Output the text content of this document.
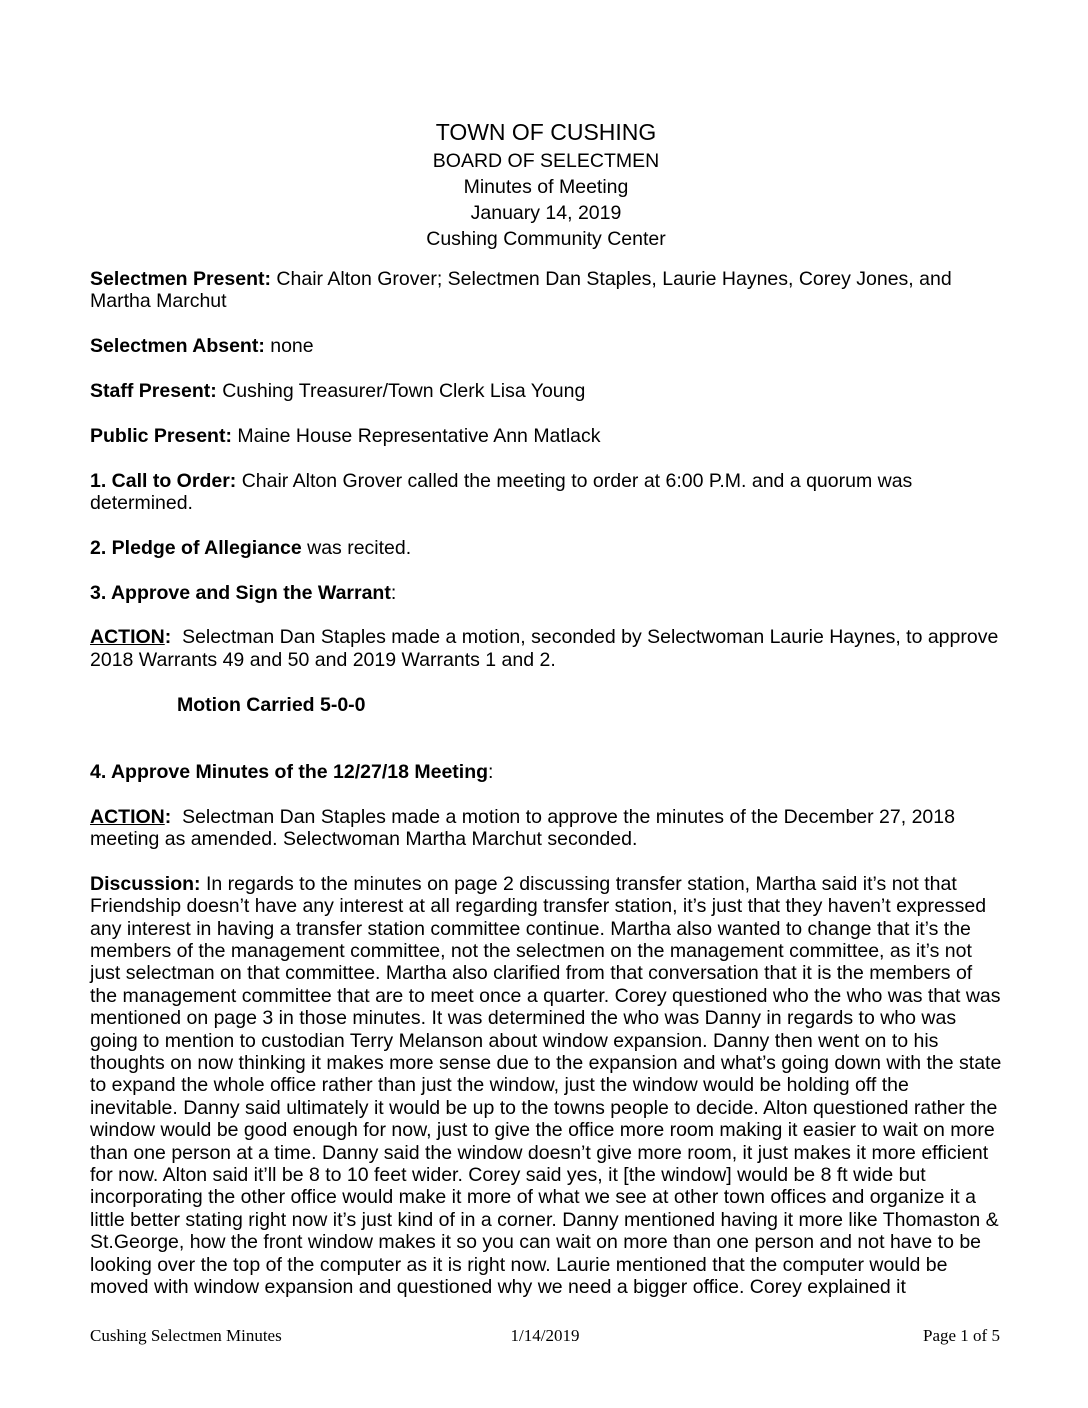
TOWN OF CUSHING
BOARD OF SELECTMEN
Minutes of Meeting
January 14, 2019
Cushing Community Center

Selectmen Present: Chair Alton Grover; Selectmen Dan Staples, Laurie Haynes, Corey Jones, and Martha Marchut

Selectmen Absent: none

Staff Present: Cushing Treasurer/Town Clerk Lisa Young

Public Present: Maine House Representative Ann Matlack

1. Call to Order: Chair Alton Grover called the meeting to order at 6:00 P.M. and a quorum was determined.

2. Pledge of Allegiance was recited.

3. Approve and Sign the Warrant:

ACTION:  Selectman Dan Staples made a motion, seconded by Selectwoman Laurie Haynes, to approve 2018 Warrants 49 and 50 and 2019 Warrants 1 and 2.

Motion Carried 5-0-0

4. Approve Minutes of the 12/27/18 Meeting:

ACTION:  Selectman Dan Staples made a motion to approve the minutes of the December 27, 2018 meeting as amended. Selectwoman Martha Marchut seconded.

Discussion: In regards to the minutes on page 2 discussing transfer station, Martha said it’s not that Friendship doesn’t have any interest at all regarding transfer station, it’s just that they haven’t expressed any interest in having a transfer station committee continue. Martha also wanted to change that it’s the members of the management committee, not the selectmen on the management committee, as it’s not just selectman on that committee. Martha also clarified from that conversation that it is the members of the management committee that are to meet once a quarter. Corey questioned who the who was that was mentioned on page 3 in those minutes. It was determined the who was Danny in regards to who was going to mention to custodian Terry Melanson about window expansion. Danny then went on to his thoughts on now thinking it makes more sense due to the expansion and what’s going down with the state to expand the whole office rather than just the window, just the window would be holding off the inevitable. Danny said ultimately it would be up to the towns people to decide. Alton questioned rather the window would be good enough for now, just to give the office more room making it easier to wait on more than one person at a time. Danny said the window doesn’t give more room, it just makes it more efficient for now. Alton said it’ll be 8 to 10 feet wider. Corey said yes, it [the window] would be 8 ft wide but incorporating the other office would make it more of what we see at other town offices and organize it a little better stating right now it’s just kind of in a corner. Danny mentioned having it more like Thomaston & St.George, how the front window makes it so you can wait on more than one person and not have to be looking over the top of the computer as it is right now. Laurie mentioned that the computer would be moved with window expansion and questioned why we need a bigger office. Corey explained it

Cushing Selectmen Minutes	1/14/2019	Page 1 of 5
